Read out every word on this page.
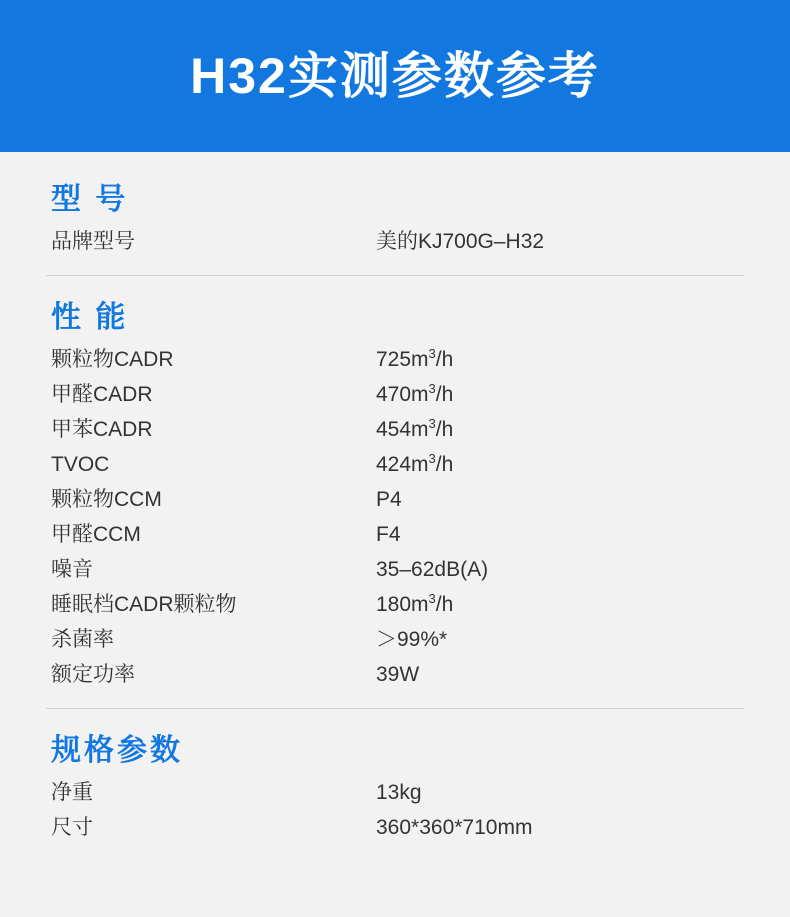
H32实测参数参考
型 号
品牌型号	美的KJ700G–H32
性 能
颗粒物CADR	$725m^3/h$
甲醛CADR	$470m^3/h$
甲苯CADR	$454m^3/h$
TVOC	$424m^3/h$
颗粒物CCM	P4
甲醛CCM	F4
噪音	35–62dB(A)
睡眠档CADR颗粒物	$180m^3/h$
杀菌率	＞99%*
额定功率	39W
规格参数
净重	13kg
尺寸	360*360*710mm
